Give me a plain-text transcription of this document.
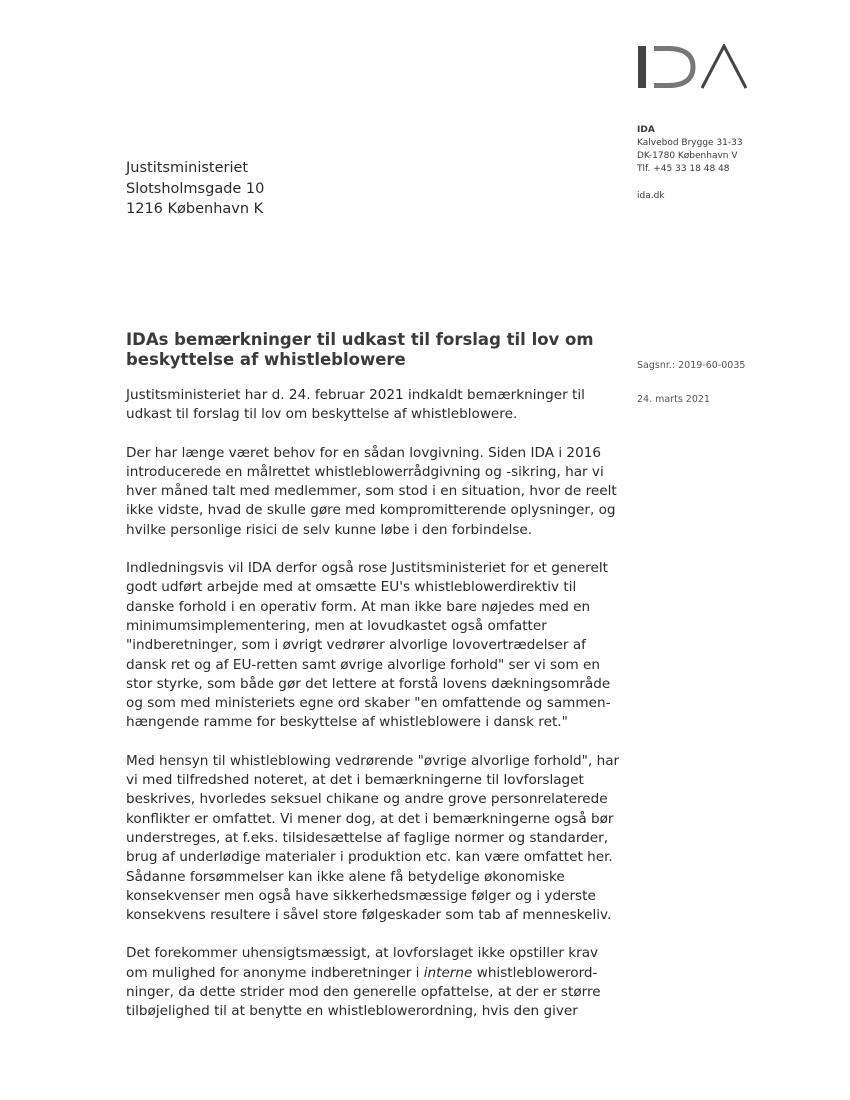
IDA
Kalvebod Brygge 31-33
DK-1780 København V
Tlf. +45 33 18 48 48
ida.dk
Justitsministeriet
Slotsholmsgade 10
1216 København K
IDAs bemærkninger til udkast til forslag til lov om
beskyttelse af whistleblowere	Sagsnr.: 2019-60-0035
24. marts 2021

Justitsministeriet har d. 24. februar 2021 indkaldt bemærkninger til
udkast til forslag til lov om beskyttelse af whistleblowere.

Der har længe været behov for en sådan lovgivning. Siden IDA i 2016
introducerede en målrettet whistleblowerrådgivning og -sikring, har vi
hver måned talt med medlemmer, som stod i en situation, hvor de reelt
ikke vidste, hvad de skulle gøre med kompromitterende oplysninger, og
hvilke personlige risici de selv kunne løbe i den forbindelse.

Indledningsvis vil IDA derfor også rose Justitsministeriet for et generelt
godt udført arbejde med at omsætte EU's whistleblowerdirektiv til
danske forhold i en operativ form. At man ikke bare nøjedes med en
minimumsimplementering, men at lovudkastet også omfatter
"indberetninger, som i øvrigt vedrører alvorlige lovovertrædelser af
dansk ret og af EU-retten samt øvrige alvorlige forhold" ser vi som en
stor styrke, som både gør det lettere at forstå lovens dækningsområde
og som med ministeriets egne ord skaber "en omfattende og sammen-
hængende ramme for beskyttelse af whistleblowere i dansk ret."

Med hensyn til whistleblowing vedrørende "øvrige alvorlige forhold", har
vi med tilfredshed noteret, at det i bemærkningerne til lovforslaget
beskrives, hvorledes seksuel chikane og andre grove personrelaterede
konflikter er omfattet. Vi mener dog, at det i bemærkningerne også bør
understreges, at f.eks. tilsidesættelse af faglige normer og standarder,
brug af underlødige materialer i produktion etc. kan være omfattet her.
Sådanne forsømmelser kan ikke alene få betydelige økonomiske
konsekvenser men også have sikkerhedsmæssige følger og i yderste
konsekvens resultere i såvel store følgeskader som tab af menneskeliv.

Det forekommer uhensigtsmæssigt, at lovforslaget ikke opstiller krav
om mulighed for anonyme indberetninger i interne whistleblowerord-
ninger, da dette strider mod den generelle opfattelse, at der er større
tilbøjelighed til at benytte en whistleblowerordning, hvis den giver
